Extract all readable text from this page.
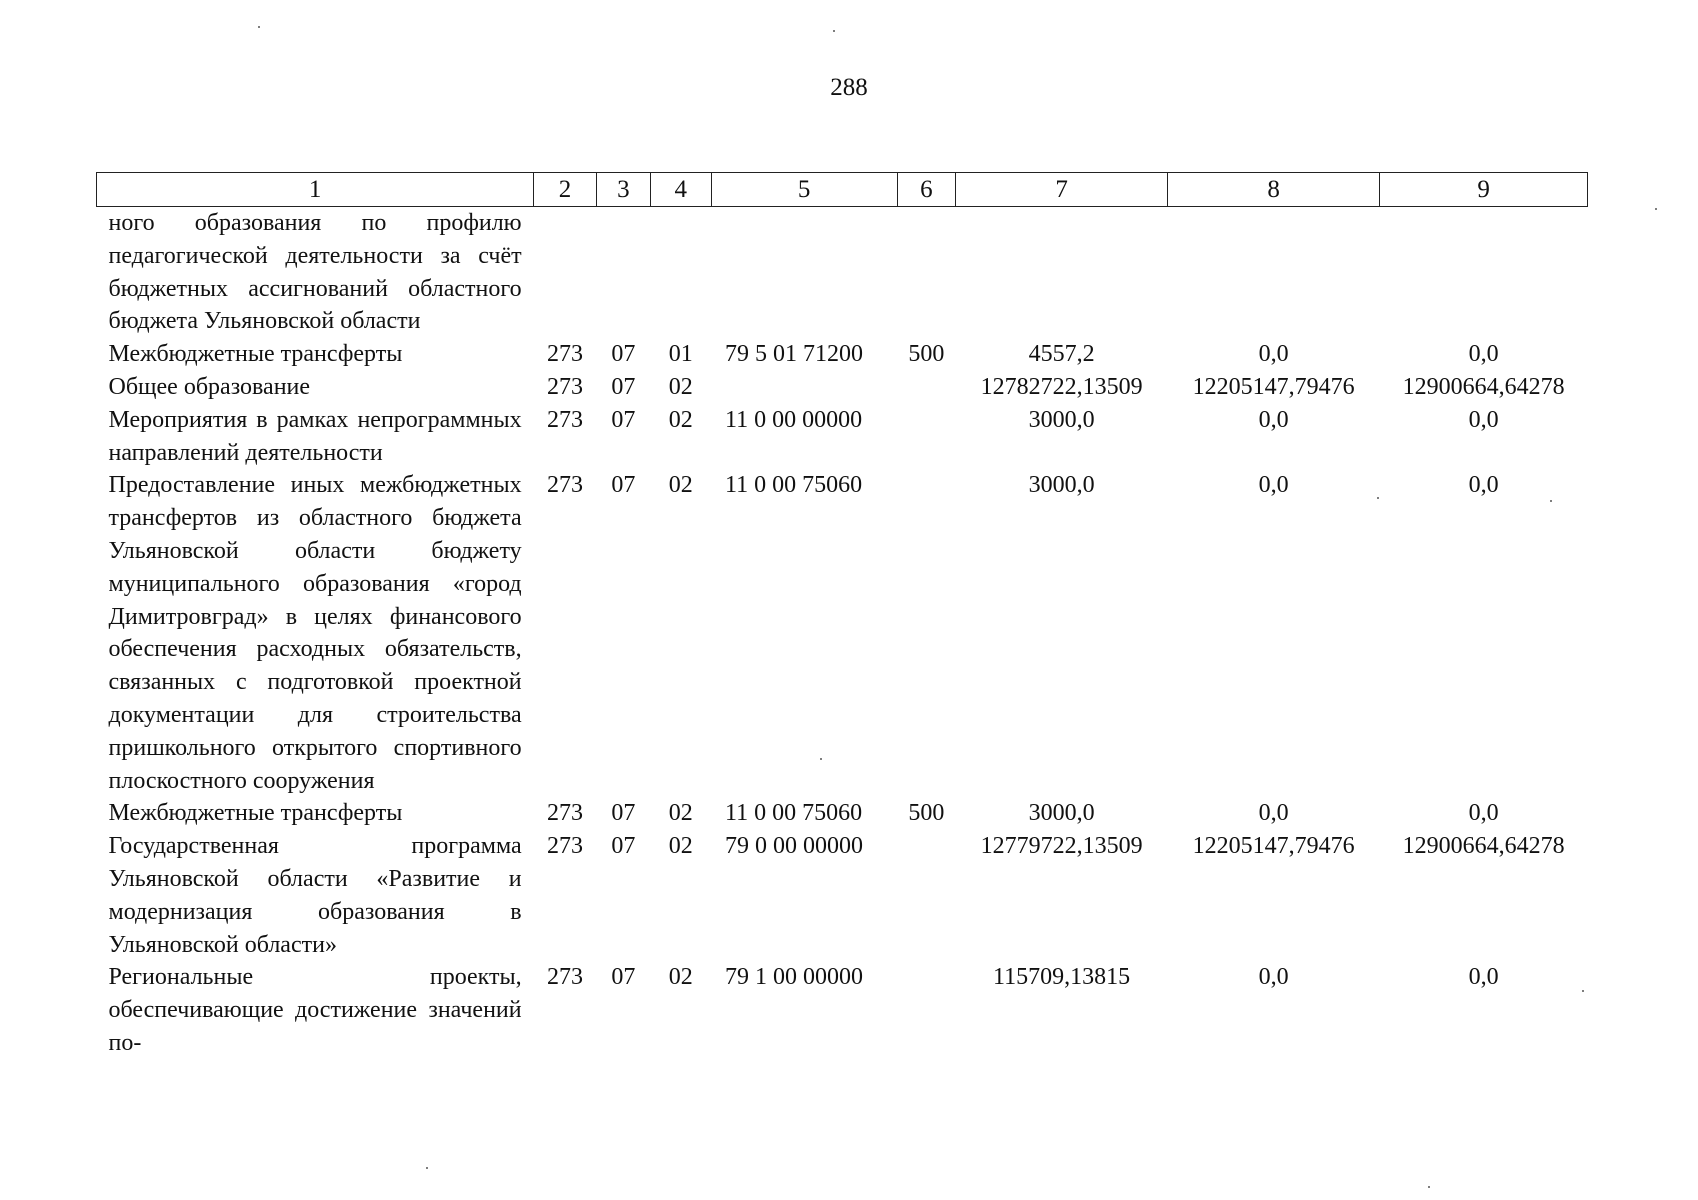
288
1	2	3	4	5	6	7	8	9
ного образования по профилю педагогической деятельности за счёт бюджетных ассигнований областного бюджета Ульяновской области								
Межбюджетные трансферты	273	07	01	79 5 01 71200	500	4557,2	0,0	0,0
Общее образование	273	07	02			12782722,13509	12205147,79476	12900664,64278
Мероприятия в рамках непрограммных направлений деятельности	273	07	02	11 0 00 00000		3000,0	0,0	0,0
Предоставление иных межбюджетных трансфертов из областного бюджета Ульяновской области бюджету муниципального образования «город Димитровград» в целях финансового обеспечения расходных обязательств, связанных с подготовкой проектной документации для строительства пришкольного открытого спортивного плоскостного сооружения	273	07	02	11 0 00 75060		3000,0	0,0	0,0
Межбюджетные трансферты	273	07	02	11 0 00 75060	500	3000,0	0,0	0,0
Государственная программа Ульяновской области «Развитие и модернизация образования в Ульяновской области»	273	07	02	79 0 00 00000		12779722,13509	12205147,79476	12900664,64278
Региональные проекты, обеспечивающие достижение значений по-	273	07	02	79 1 00 00000		115709,13815	0,0	0,0
